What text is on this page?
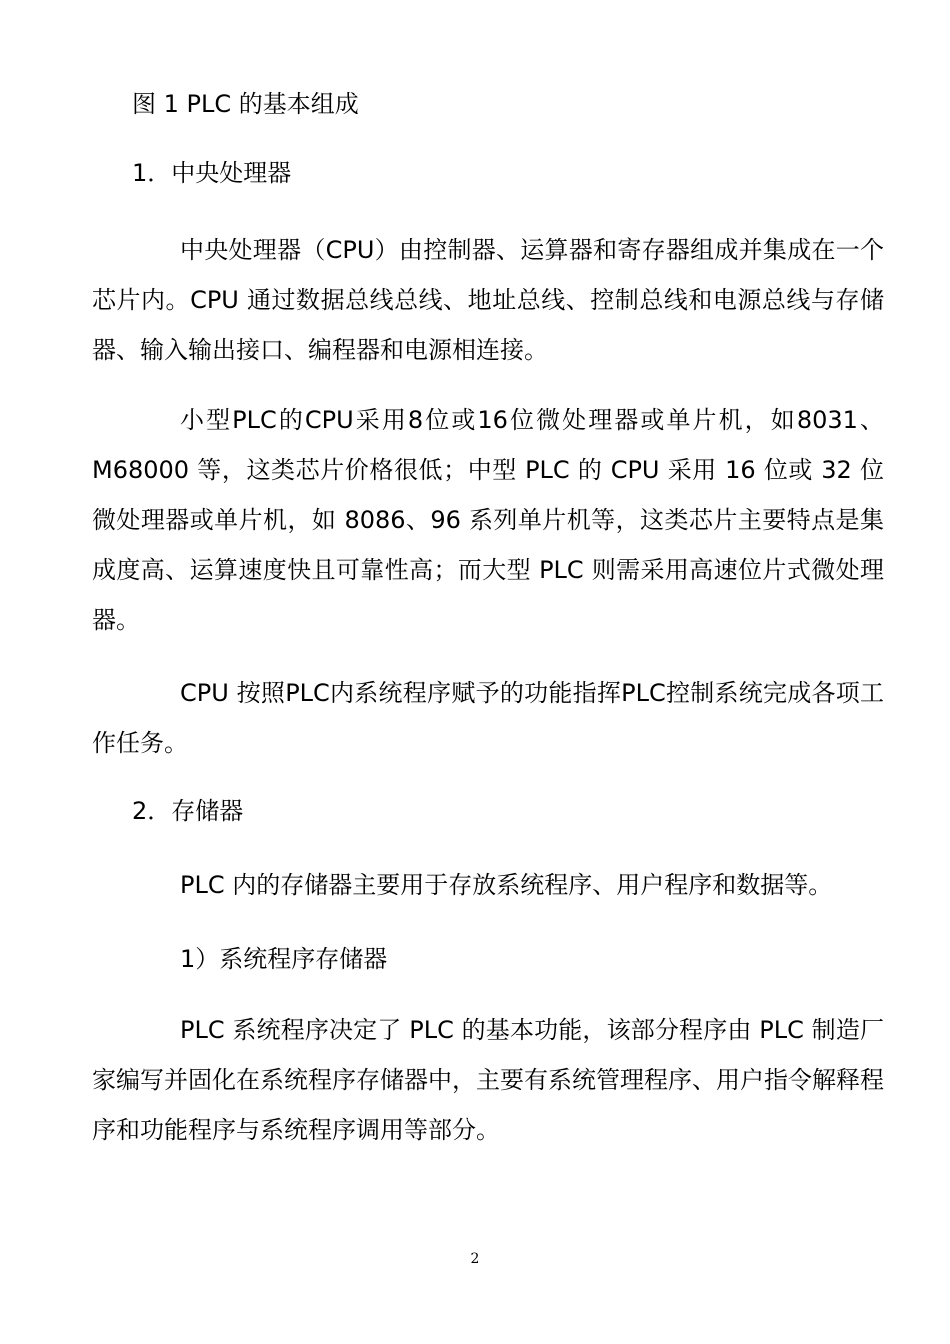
图 1 PLC 的基本组成

1．中央处理器

中央处理器（CPU）由控制器、运算器和寄存器组成并集成在一个芯片内。CPU 通过数据总线总线、地址总线、控制总线和电源总线与存储器、输入输出接口、编程器和电源相连接。

小型PLC的CPU采用8位或16位微处理器或单片机，如8031、M68000 等，这类芯片价格很低；中型 PLC 的 CPU 采用 16 位或 32 位微处理器或单片机，如 8086、96 系列单片机等，这类芯片主要特点是集成度高、运算速度快且可靠性高；而大型 PLC 则需采用高速位片式微处理器。

CPU 按照PLC内系统程序赋予的功能指挥PLC控制系统完成各项工作任务。

2．存储器

PLC 内的存储器主要用于存放系统程序、用户程序和数据等。

1）系统程序存储器

PLC 系统程序决定了 PLC 的基本功能，该部分程序由 PLC 制造厂家编写并固化在系统程序存储器中，主要有系统管理程序、用户指令解释程序和功能程序与系统程序调用等部分。

2
